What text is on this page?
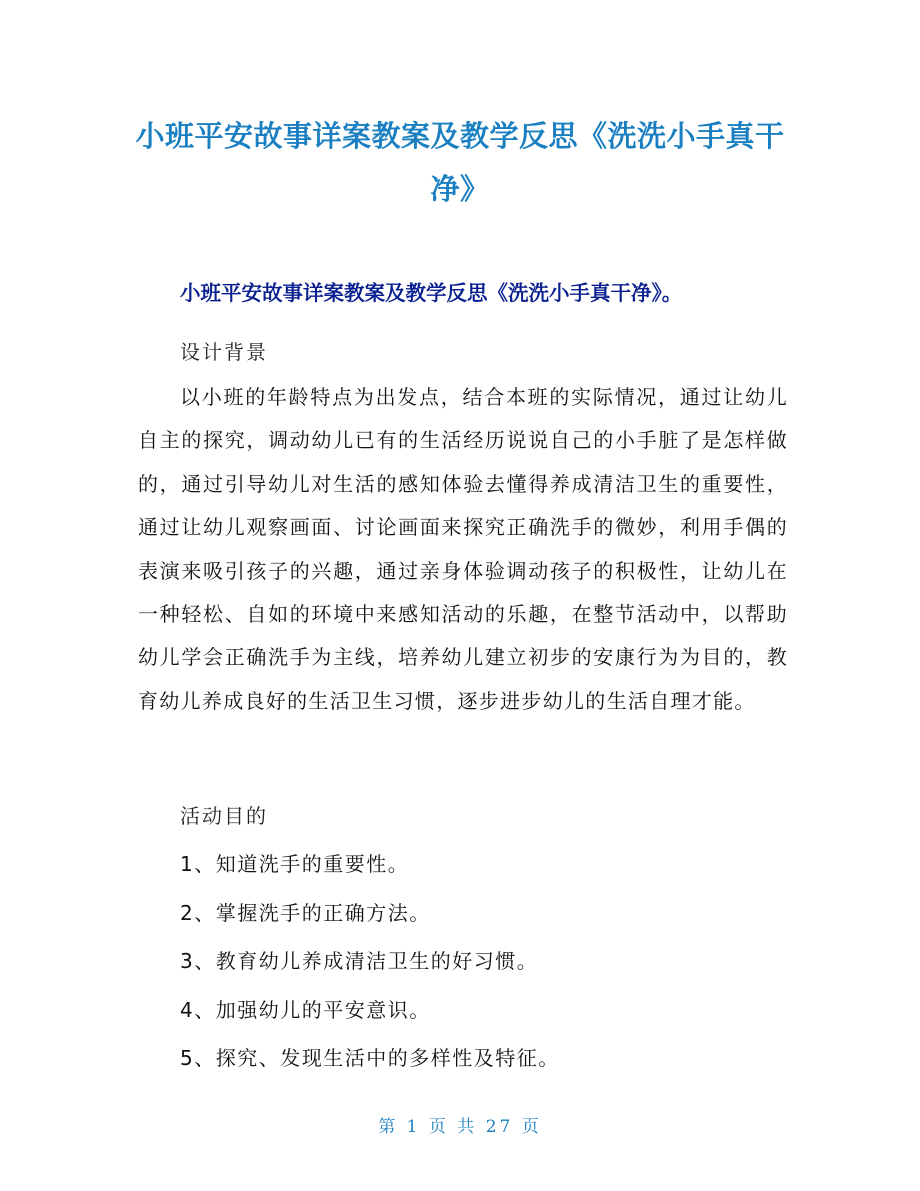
小班平安故事详案教案及教学反思《洗洗小手真干净》
小班平安故事详案教案及教学反思《洗洗小手真干净》。
设计背景
以小班的年龄特点为出发点，结合本班的实际情况，通过让幼儿自主的探究，调动幼儿已有的生活经历说说自己的小手脏了是怎样做的，通过引导幼儿对生活的感知体验去懂得养成清洁卫生的重要性，通过让幼儿观察画面、讨论画面来探究正确洗手的微妙，利用手偶的表演来吸引孩子的兴趣，通过亲身体验调动孩子的积极性，让幼儿在一种轻松、自如的环境中来感知活动的乐趣，在整节活动中，以帮助幼儿学会正确洗手为主线，培养幼儿建立初步的安康行为为目的，教育幼儿养成良好的生活卫生习惯，逐步进步幼儿的生活自理才能。
活动目的
1、知道洗手的重要性。
2、掌握洗手的正确方法。
3、教育幼儿养成清洁卫生的好习惯。
4、加强幼儿的平安意识。
5、探究、发现生活中的多样性及特征。
第 1 页 共 27 页
